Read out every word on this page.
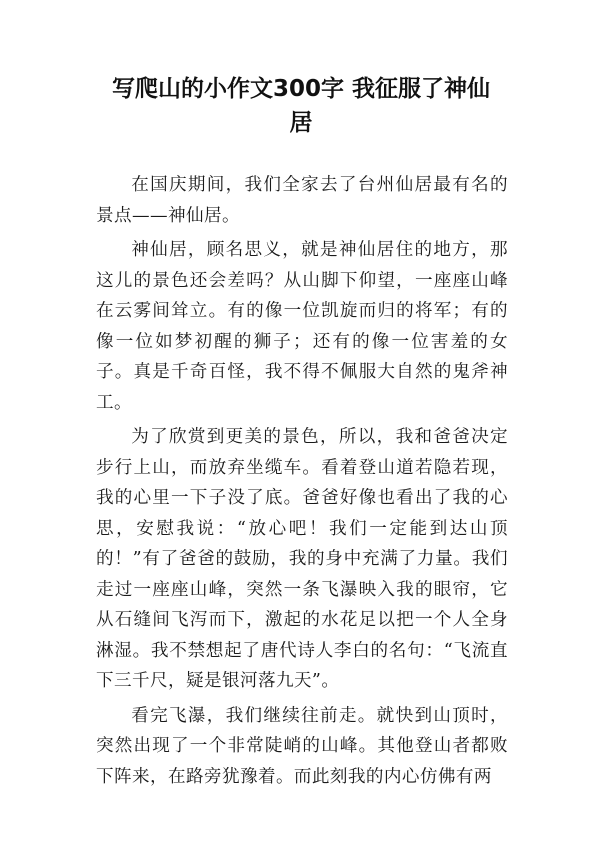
写爬山的小作文300字 我征服了神仙
居

在国庆期间，我们全家去了台州仙居最有名的景点——神仙居。

神仙居，顾名思义，就是神仙居住的地方，那这儿的景色还会差吗？从山脚下仰望，一座座山峰在云雾间耸立。有的像一位凯旋而归的将军；有的像一位如梦初醒的狮子；还有的像一位害羞的女子。真是千奇百怪，我不得不佩服大自然的鬼斧神工。

为了欣赏到更美的景色，所以，我和爸爸决定步行上山，而放弃坐缆车。看着登山道若隐若现，我的心里一下子没了底。爸爸好像也看出了我的心思，安慰我说：“放心吧！我们一定能到达山顶的！”有了爸爸的鼓励，我的身中充满了力量。我们走过一座座山峰，突然一条飞瀑映入我的眼帘，它从石缝间飞泻而下，激起的水花足以把一个人全身淋湿。我不禁想起了唐代诗人李白的名句：“飞流直下三千尺，疑是银河落九天”。

看完飞瀑，我们继续往前走。就快到山顶时，突然出现了一个非常陡峭的山峰。其他登山者都败下阵来，在路旁犹豫着。而此刻我的内心仿佛有两
